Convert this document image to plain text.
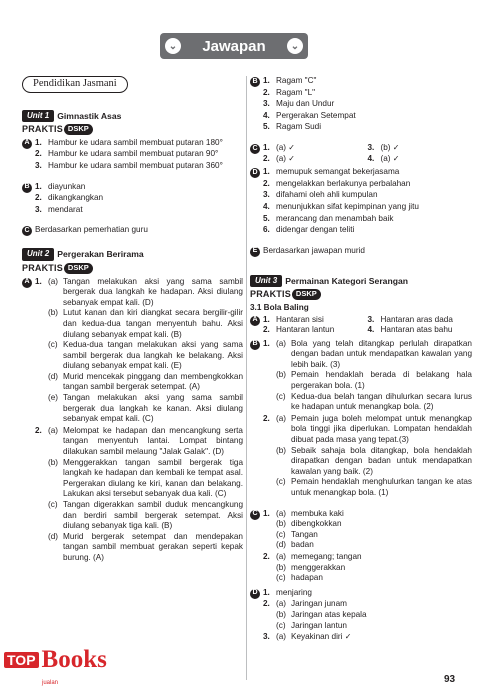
⌄ Jawapan	⌄
Pendidikan Jasmani
Unit 1 Gimnastik Asas
PRAKTIS DSKP
A 1. Hambur ke udara sambil membuat putaran 180°
2. Hambur ke udara sambil membuat putaran 90°
3. Hambur ke udara sambil membuat putaran 360°
B 1. diayunkan
2. dikangkangkan
3. mendarat
C Berdasarkan pemerhatian guru
Unit 2 Pergerakan Berirama
PRAKTIS DSKP
A 1. (a) Tangan melakukan aksi yang sama sambil bergerak dua langkah ke hadapan. Aksi diulang sebanyak empat kali. (D)
(b) Lutut kanan dan kiri diangkat secara bergilir-gilir dan kedua-dua tangan menyentuh bahu. Aksi diulang sebanyak empat kali. (B)
(c) Kedua-dua tangan melakukan aksi yang sama sambil bergerak dua langkah ke belakang. Aksi diulang sebanyak empat kali. (E)
(d) Murid mencekak pinggang dan membengkokkan tangan sambil bergerak setempat. (A)
(e) Tangan melakukan aksi yang sama sambil bergerak dua langkah ke kanan. Aksi diulang sebanyak empat kali. (C)
2. (a) Melompat ke hadapan dan mencangkung serta tangan menyentuh lantai. Lompat bintang dilakukan sambil melaung "Jalak Galak". (D)
(b) Menggerakkan tangan sambil bergerak tiga langkah ke hadapan dan kembali ke tempat asal. Pergerakan diulang ke kiri, kanan dan belakang. Lakukan aksi tersebut sebanyak dua kali. (C)
(c) Tangan digerakkan sambil duduk mencangkung dan berdiri sambil bergerak setempat. Aksi diulang sebanyak tiga kali. (B)
(d) Murid bergerak setempat dan mendepakan tangan sambil membuat gerakan seperti kepak burung. (A)
B 1. Ragam "C"
2. Ragam "L"
3. Maju dan Undur
4. Pergerakan Setempat
5. Ragam Sudi
C 1. (a) ✓	3. (b) ✓
2. (a) ✓	4. (a) ✓
D 1. memupuk semangat bekerjasama
2. mengelakkan berlakunya perbalahan
3. difahami oleh ahli kumpulan
4. menunjukkan sifat kepimpinan yang jitu
5. merancang dan menambah baik
6. didengar dengan teliti
E Berdasarkan jawapan murid
Unit 3 Permainan Kategori Serangan
PRAKTIS DSKP
3.1 Bola Baling
A 1. Hantaran sisi	3. Hantaran aras dada
2. Hantaran lantun	4. Hantaran atas bahu
B 1. (a) Bola yang telah ditangkap perlulah dirapatkan dengan badan untuk mendapatkan kawalan yang lebih baik. (3)
(b) Pemain hendaklah berada di belakang hala pergerakan bola. (1)
(c) Kedua-dua belah tangan dihulurkan secara lurus ke hadapan untuk menangkap bola. (2)
2. (a) Pemain juga boleh melompat untuk menangkap bola tinggi jika diperlukan. Lompatan hendaklah dibuat pada masa yang tepat.(3)
(b) Sebaik sahaja bola ditangkap, bola hendaklah dirapatkan dengan badan untuk mendapatkan kawalan yang baik. (2)
(c) Pemain hendaklah menghulurkan tangan ke atas untuk menangkap bola. (1)
C 1. (a) membuka kaki
(b) dibengkokkan
(c) Tangan
(d) badan
2. (a) memegang; tangan
(b) menggerakkan
(c) hadapan
D 1. menjaring
2. (a) Jaringan junam
(b) Jaringan atas kepala
(c) Jaringan lantun
3. (a) Keyakinan diri ✓
93
TOP Books
jualan
